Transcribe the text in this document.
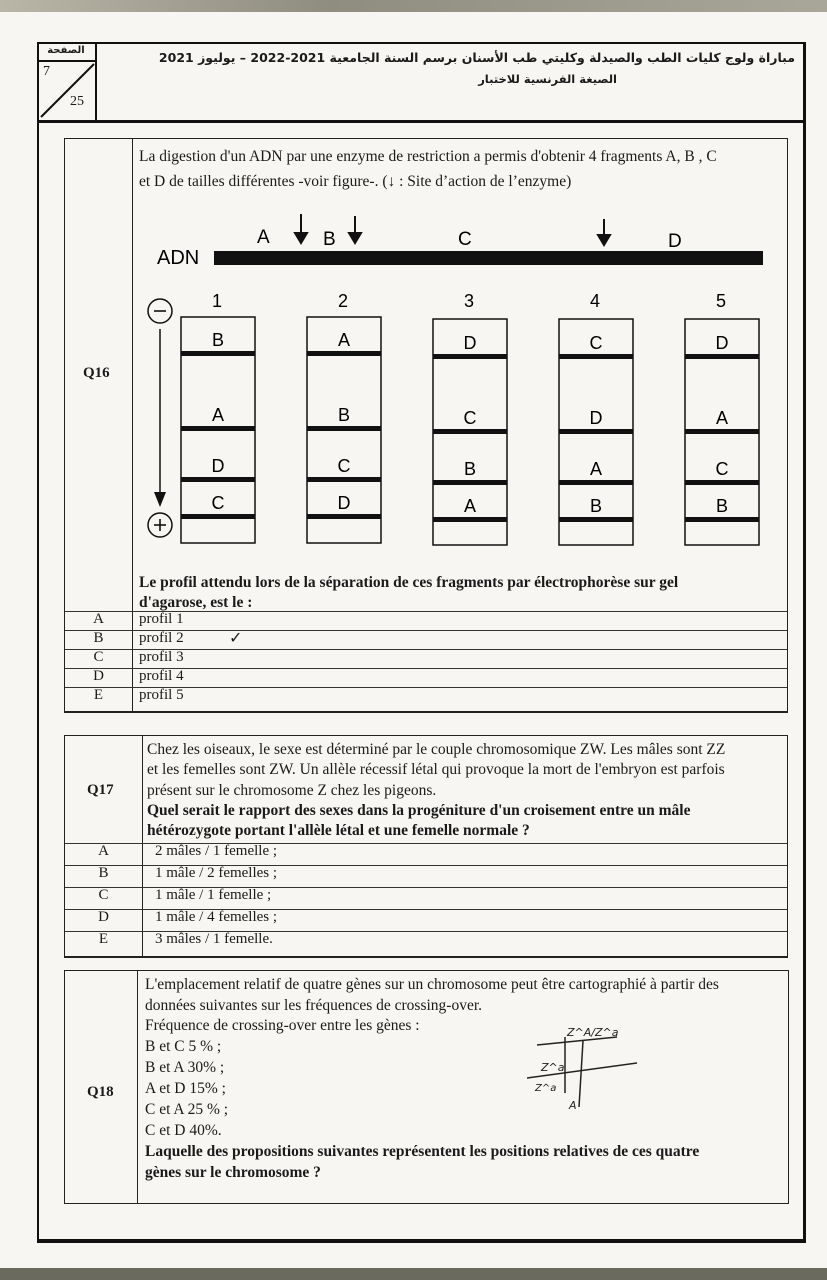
الصفحة
7
25
مباراة ولوج كليات الطب والصيدلة وكليتي طب الأسنان برسم السنة الجامعية 2021-2022 – يوليوز 2021
الصيغة الفرنسية للاختبار
Q16
La digestion d'un ADN par une enzyme de restriction a permis d'obtenir 4 fragments A, B , C
et D de tailles différentes -voir figure-. (↓ : Site d’action de l’enzyme)
ADN
A	B	C	D
1
B
A
D
C
2
A
B
C
D
3
D
C
B
A
4
C
D
A
B
5
D
A
C
B
Le profil attendu lors de la séparation de ces fragments par électrophorèse sur gel
d'agarose, est le :
A	profil 1
B	profil 2	✓
C	profil 3
D	profil 4
E	profil 5
Q17
Chez les oiseaux, le sexe est déterminé par le couple chromosomique ZW. Les mâles sont ZZ
et les femelles sont ZW. Un allèle récessif létal qui provoque la mort de l'embryon est parfois
présent sur le chromosome Z chez les pigeons.
Quel serait le rapport des sexes dans la progéniture d'un croisement entre un mâle
hétérozygote portant l'allèle létal et une femelle normale ?
A	2 mâles / 1 femelle ;
B	1 mâle / 2 femelles ;
C	1 mâle / 1 femelle ;
D	1 mâle / 4 femelles ;
E	3 mâles / 1 femelle.
Q18
L'emplacement relatif de quatre gènes sur un chromosome peut être cartographié à partir des
données suivantes sur les fréquences de crossing-over.
Fréquence de crossing-over entre les gènes :
B et C 5 % ;
B et A 30% ;
A et D 15% ;
C et A 25 % ;
C et D 40%.
Laquelle des propositions suivantes représentent les positions relatives de ces quatre
gènes sur le chromosome ?
Z^A/Z^a
Z^a
Z^a
A
